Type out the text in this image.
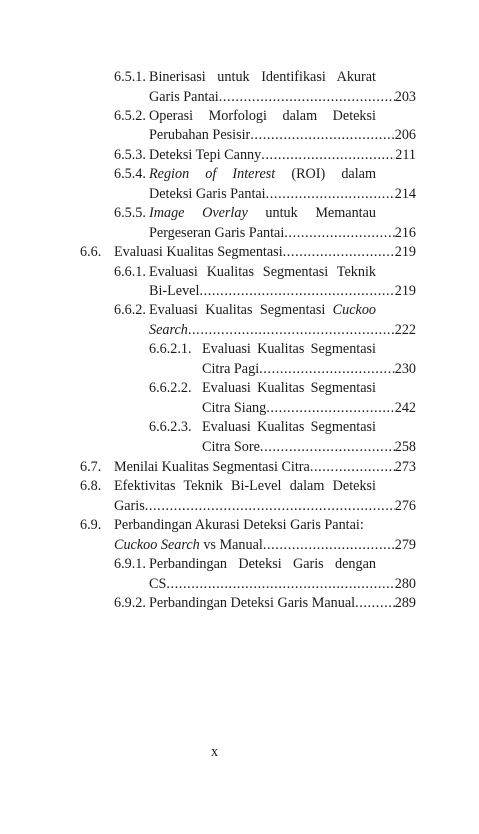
6.5.1. Binerisasi untuk Identifikasi Akurat
Garis Pantai .....	203
6.5.2. Operasi Morfologi dalam Deteksi
Perubahan Pesisir .....	206
6.5.3. Deteksi Tepi Canny .....	211
6.5.4. Region of Interest (ROI) dalam
Deteksi Garis Pantai .....	214
6.5.5. Image Overlay untuk Memantau
Pergeseran Garis Pantai .....	216
6.6. Evaluasi Kualitas Segmentasi .....	219
6.6.1. Evaluasi Kualitas Segmentasi Teknik
Bi-Level .....	219
6.6.2. Evaluasi Kualitas Segmentasi Cuckoo
Search .....	222
6.6.2.1. Evaluasi Kualitas Segmentasi
Citra Pagi .....	230
6.6.2.2. Evaluasi Kualitas Segmentasi
Citra Siang .....	242
6.6.2.3. Evaluasi Kualitas Segmentasi
Citra Sore .....	258
6.7. Menilai Kualitas Segmentasi Citra .....	273
6.8. Efektivitas Teknik Bi-Level dalam Deteksi
Garis .....	276
6.9. Perbandingan Akurasi Deteksi Garis Pantai:
Cuckoo Search vs Manual .....	279
6.9.1. Perbandingan Deteksi Garis dengan
CS .....	280
6.9.2. Perbandingan Deteksi Garis Manual .....	289
x
